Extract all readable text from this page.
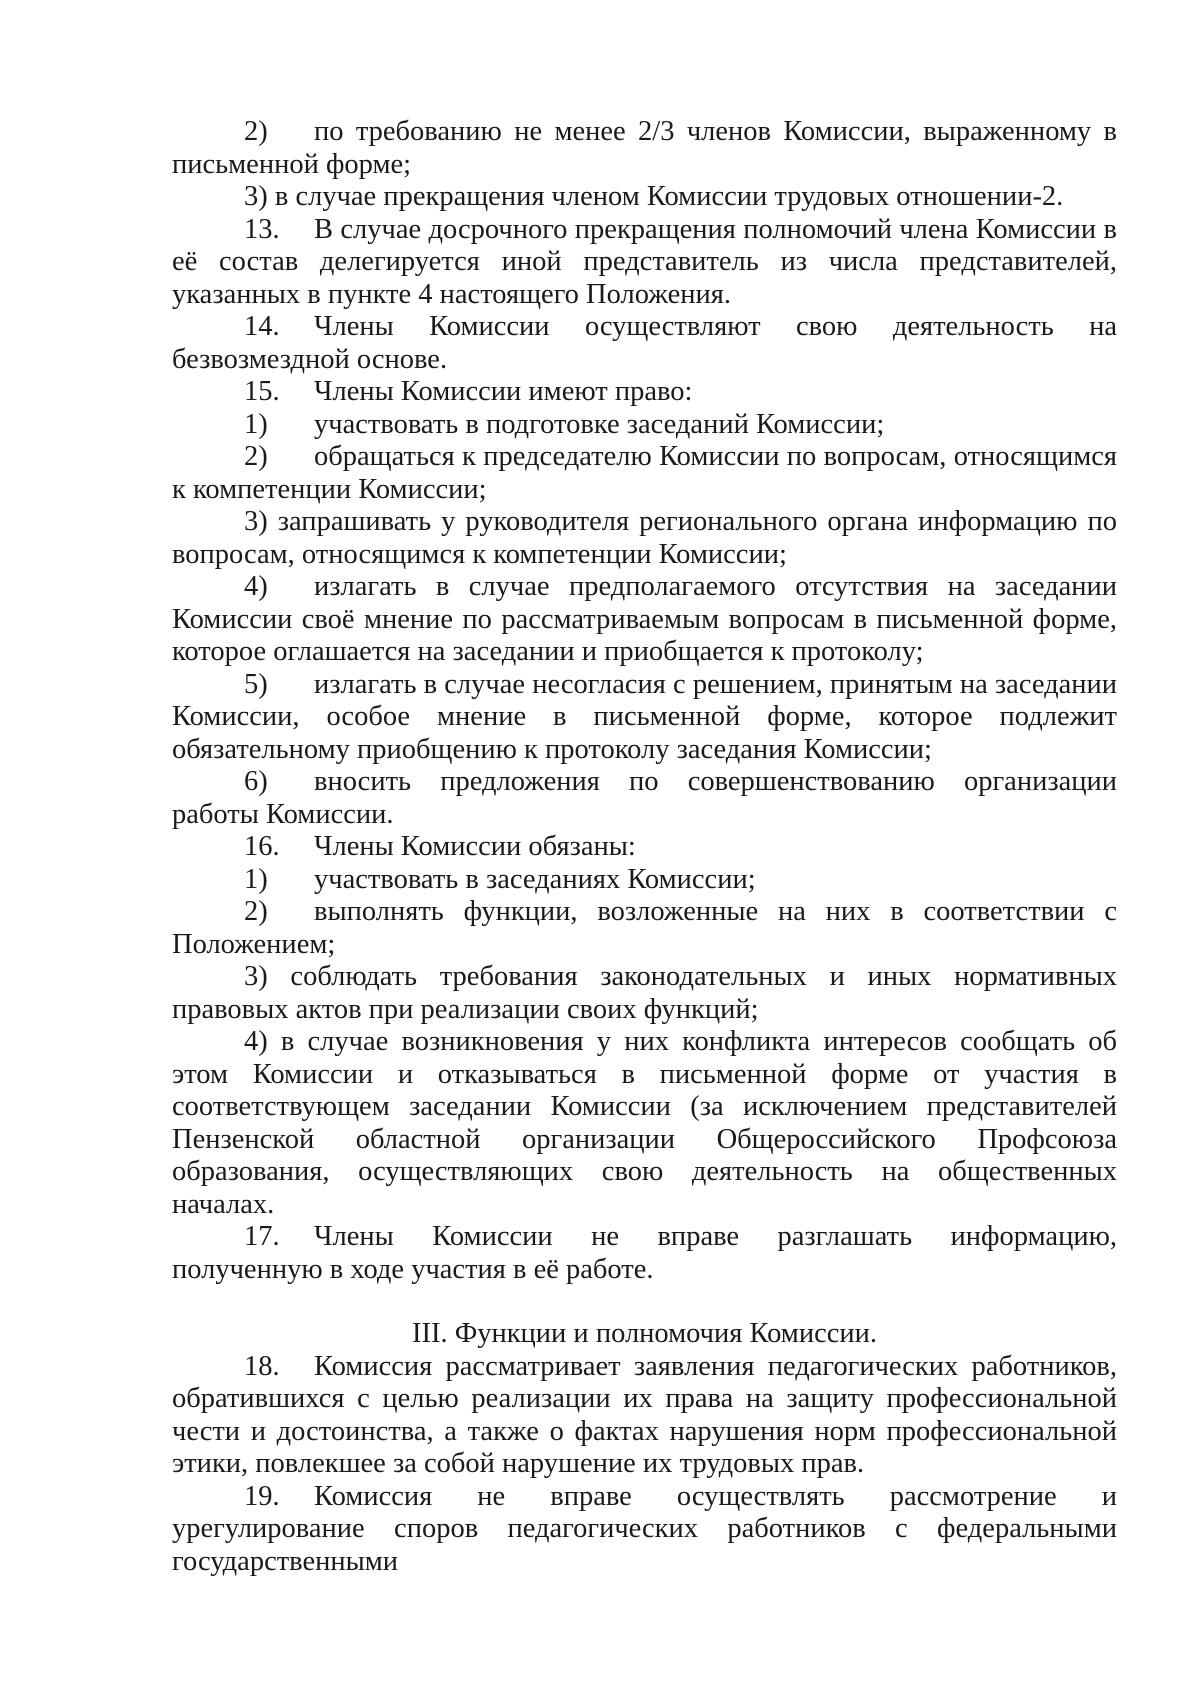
2) по требованию не менее 2/3 членов Комиссии, выраженному в письменной форме;

3) в случае прекращения членом Комиссии трудовых отношении-2.

13. В случае досрочного прекращения полномочий члена Комиссии в её состав делегируется иной представитель из числа представителей, указанных в пункте 4 настоящего Положения.

14. Члены Комиссии осуществляют свою деятельность на безвозмездной основе.

15. Члены Комиссии имеют право:

1) участвовать в подготовке заседаний Комиссии;

2) обращаться к председателю Комиссии по вопросам, относящимся к компетенции Комиссии;

3) запрашивать у руководителя регионального органа информацию по вопросам, относящимся к компетенции Комиссии;

4) излагать в случае предполагаемого отсутствия на заседании Комиссии своё мнение по рассматриваемым вопросам в письменной форме, которое оглашается на заседании и приобщается к протоколу;

5) излагать в случае несогласия с решением, принятым на заседании Комиссии, особое мнение в письменной форме, которое подлежит обязательному приобщению к протоколу заседания Комиссии;

6) вносить предложения по совершенствованию организации работы Комиссии.

16. Члены Комиссии обязаны:

1) участвовать в заседаниях Комиссии;

2) выполнять функции, возложенные на них в соответствии с Положением;

3) соблюдать требования законодательных и иных нормативных правовых актов при реализации своих функций;

4) в случае возникновения у них конфликта интересов сообщать об этом Комиссии и отказываться в письменной форме от участия в соответствующем заседании Комиссии (за исключением представителей Пензенской областной организации Общероссийского Профсоюза образования, осуществляющих свою деятельность на общественных началах.

17. Члены Комиссии не вправе разглашать информацию, полученную в ходе участия в её работе.

III. Функции и полномочия Комиссии.

18. Комиссия рассматривает заявления педагогических работников, обратившихся с целью реализации их права на защиту профессиональной чести и достоинства, а также о фактах нарушения норм профессиональной этики, повлекшее за собой нарушение их трудовых прав.

19. Комиссия не вправе осуществлять рассмотрение и урегулирование споров педагогических работников с федеральными государственными
